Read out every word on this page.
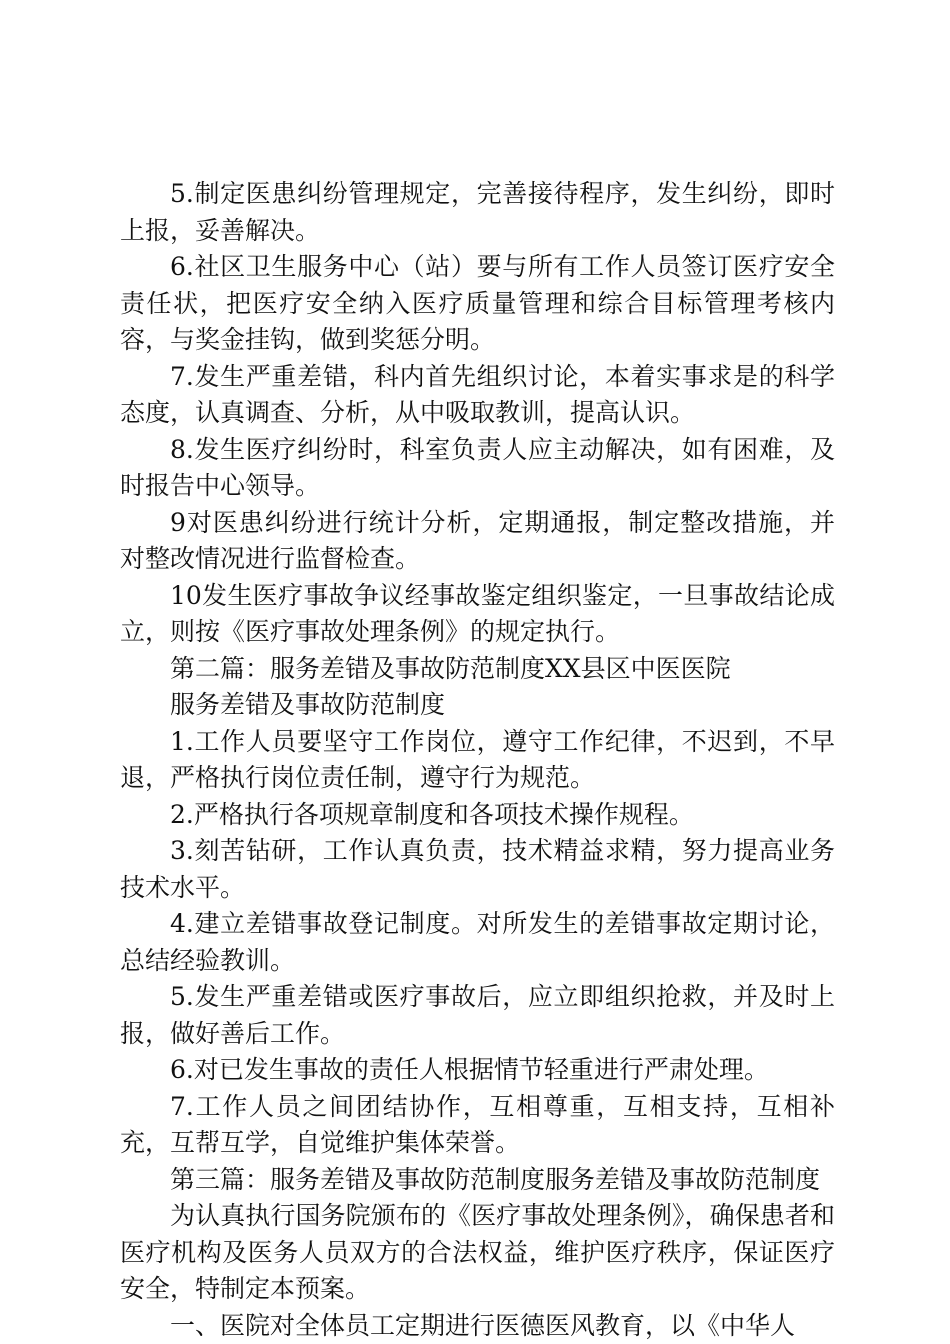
5.制定医患纠纷管理规定，完善接待程序，发生纠纷，即时上报，妥善解决。

6.社区卫生服务中心（站）要与所有工作人员签订医疗安全责任状，把医疗安全纳入医疗质量管理和综合目标管理考核内容，与奖金挂钩，做到奖惩分明。

7.发生严重差错，科内首先组织讨论，本着实事求是的科学态度，认真调查、分析，从中吸取教训，提高认识。

8.发生医疗纠纷时，科室负责人应主动解决，如有困难，及时报告中心领导。

9对医患纠纷进行统计分析，定期通报，制定整改措施，并对整改情况进行监督检查。

10发生医疗事故争议经事故鉴定组织鉴定，一旦事故结论成立，则按《医疗事故处理条例》的规定执行。

第二篇：服务差错及事故防范制度XX县区中医医院

服务差错及事故防范制度

1.工作人员要坚守工作岗位，遵守工作纪律，不迟到，不早退，严格执行岗位责任制，遵守行为规范。

2.严格执行各项规章制度和各项技术操作规程。

3.刻苦钻研，工作认真负责，技术精益求精，努力提高业务技术水平。

4.建立差错事故登记制度。对所发生的差错事故定期讨论，总结经验教训。

5.发生严重差错或医疗事故后，应立即组织抢救，并及时上报，做好善后工作。

6.对已发生事故的责任人根据情节轻重进行严肃处理。

7.工作人员之间团结协作，互相尊重，互相支持，互相补充，互帮互学，自觉维护集体荣誉。

第三篇：服务差错及事故防范制度服务差错及事故防范制度

为认真执行国务院颁布的《医疗事故处理条例》，确保患者和医疗机构及医务人员双方的合法权益，维护医疗秩序，保证医疗安全，特制定本预案。

一、医院对全体员工定期进行医德医风教育，以《中华人
